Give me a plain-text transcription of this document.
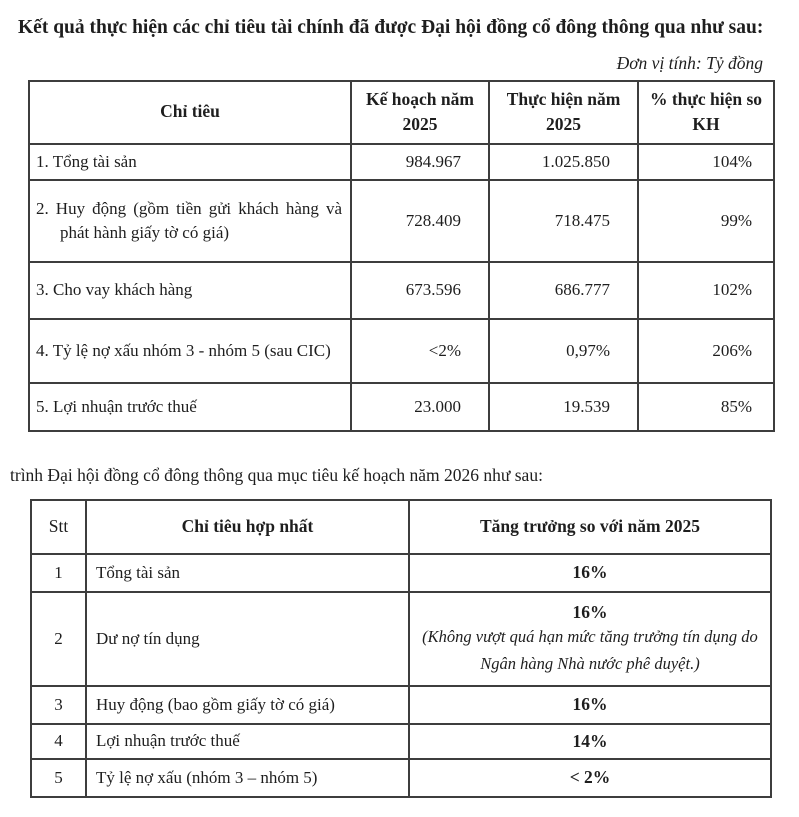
Kết quả thực hiện các chỉ tiêu tài chính đã được Đại hội đồng cổ đông thông qua như sau:
Đơn vị tính: Tỷ đồng
Chỉ tiêu	Kế hoạch năm 2025	Thực hiện năm 2025	% thực hiện so KH
1. Tổng tài sản	984.967	1.025.850	104%
2. Huy động (gồm tiền gửi khách hàng và phát hành giấy tờ có giá)	728.409	718.475	99%
3. Cho vay khách hàng	673.596	686.777	102%
4. Tỷ lệ nợ xấu nhóm 3 - nhóm 5 (sau CIC)	<2%	0,97%	206%
5. Lợi nhuận trước thuế	23.000	19.539	85%
trình Đại hội đồng cổ đông thông qua mục tiêu kế hoạch năm 2026 như sau:
Stt	Chỉ tiêu hợp nhất	Tăng trưởng so với năm 2025
1	Tổng tài sản	16%

2	Dư nợ tín dụng	16%
(Không vượt quá hạn mức tăng trưởng tín dụng do Ngân hàng Nhà nước phê duyệt.)

3	Huy động (bao gồm giấy tờ có giá)	16%

4	Lợi nhuận trước thuế	14%

5	Tỷ lệ nợ xấu (nhóm 3 – nhóm 5)	< 2%
